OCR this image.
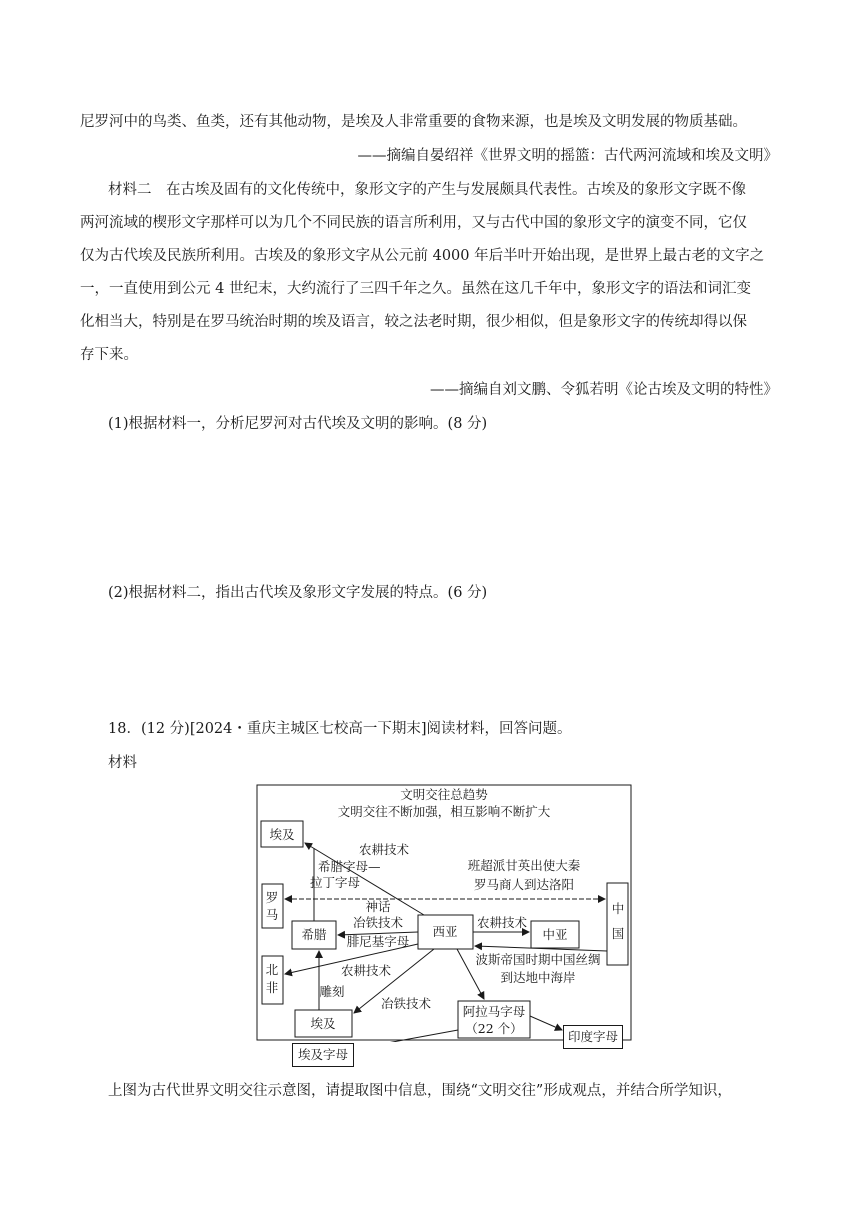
尼罗河中的鸟类、鱼类，还有其他动物，是埃及人非常重要的食物来源，也是埃及文明发展的物质基础。
——摘编自晏绍祥《世界文明的摇篮：古代两河流域和埃及文明》
材料二　在古埃及固有的文化传统中，象形文字的产生与发展颇具代表性。古埃及的象形文字既不像
两河流域的楔形文字那样可以为几个不同民族的语言所利用，又与古代中国的象形文字的演变不同，它仅
仅为古代埃及民族所利用。古埃及的象形文字从公元前 4000 年后半叶开始出现，是世界上最古老的文字之
一，一直使用到公元 4 世纪末，大约流行了三四千年之久。虽然在这几千年中，象形文字的语法和词汇变
化相当大，特别是在罗马统治时期的埃及语言，较之法老时期，很少相似，但是象形文字的传统却得以保
存下来。
——摘编自刘文鹏、令狐若明《论古埃及文明的特性》
(1)根据材料一，分析尼罗河对古代埃及文明的影响。(8 分)
(2)根据材料二，指出古代埃及象形文字发展的特点。(6 分)
18．(12 分)[2024・重庆主城区七校高一下期末]阅读材料，回答问题。
材料
文明交往总趋势
文明交往不断加强，相互影响不断扩大
埃及
罗
马
希腊	西亚	中亚
中
国
北
非
农耕技术
希腊字母—
拉丁字母
班超派甘英出使大秦
罗马商人到达洛阳
神话
冶铁技术
腓尼基字母
农耕技术
波斯帝国时期中国丝绸
到达地中海岸
农耕技术
雕刻
冶铁技术
埃及
阿拉马字母
（22 个）
埃及字母
印度字母
上图为古代世界文明交往示意图，请提取图中信息，围绕“文明交往”形成观点，并结合所学知识，
